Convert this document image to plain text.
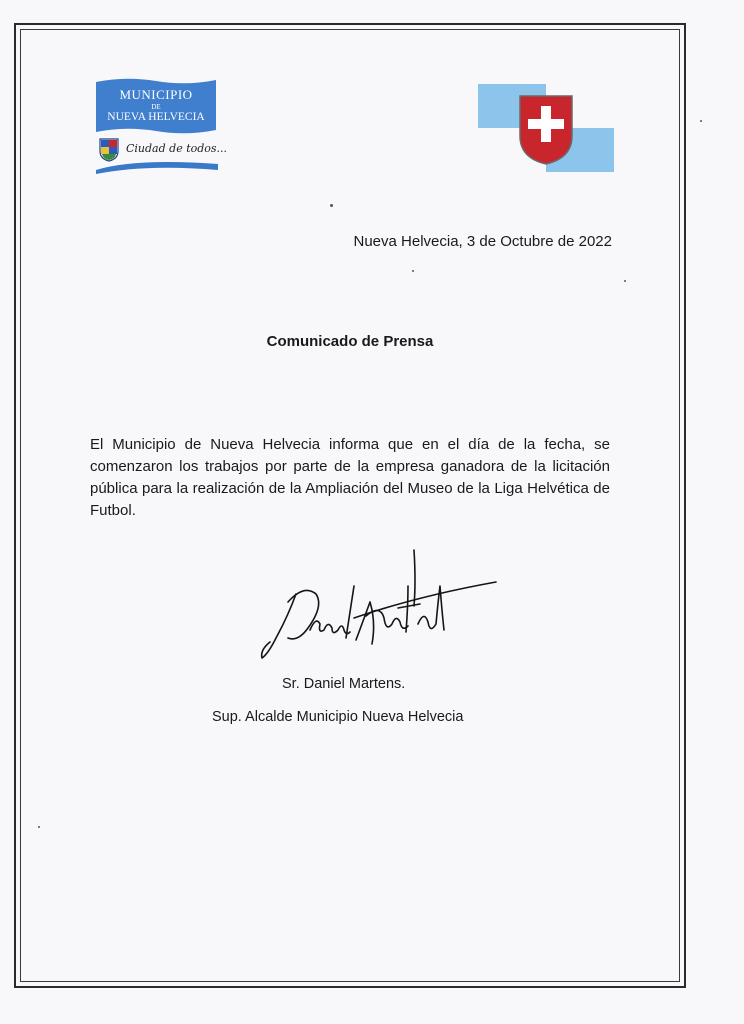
MUNICIPIO
DE
NUEVA HELVECIA
Ciudad de todos...
Nueva Helvecia, 3 de Octubre de 2022
Comunicado de Prensa
El Municipio de Nueva Helvecia informa que en el día de la fecha, se comenzaron los trabajos por parte de la empresa ganadora de la licitación pública para la realización de la Ampliación del Museo de la Liga Helvética de Futbol.
Sr. Daniel Martens.
Sup. Alcalde Municipio Nueva Helvecia
